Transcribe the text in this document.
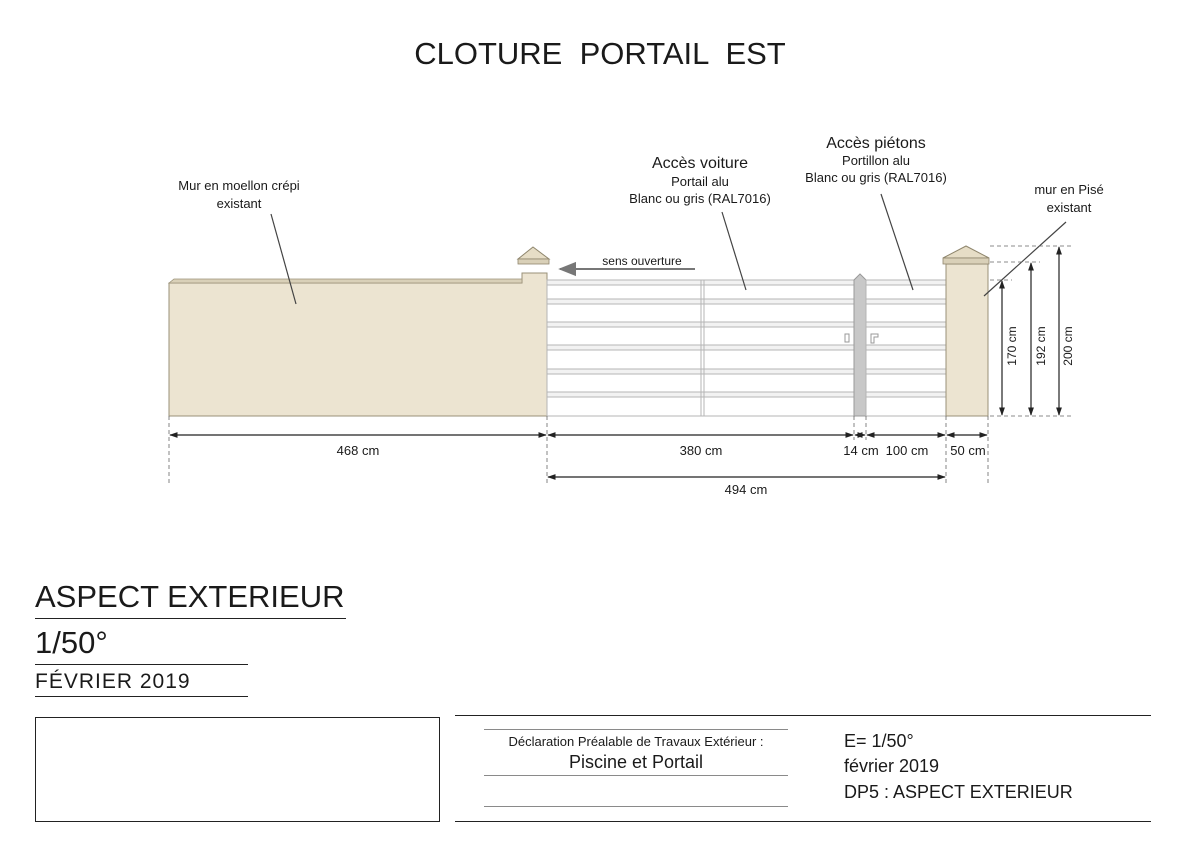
CLOTURE  PORTAIL  EST
Mur en moellon crépi
existant
Accès voiture
Portail alu
Blanc ou gris (RAL7016)
Accès piétons
Portillon alu
Blanc ou gris (RAL7016)
mur en Pisé
existant
sens ouverture
468 cm	380 cm	14 cm 100 cm 50 cm
494 cm
170 cm 192 cm 200 cm
ASPECT EXTERIEUR
1/50°
FÉVRIER 2019
Déclaration Préalable de Travaux Extérieur :
Piscine et Portail
E= 1/50°
février 2019
DP5 : ASPECT EXTERIEUR
